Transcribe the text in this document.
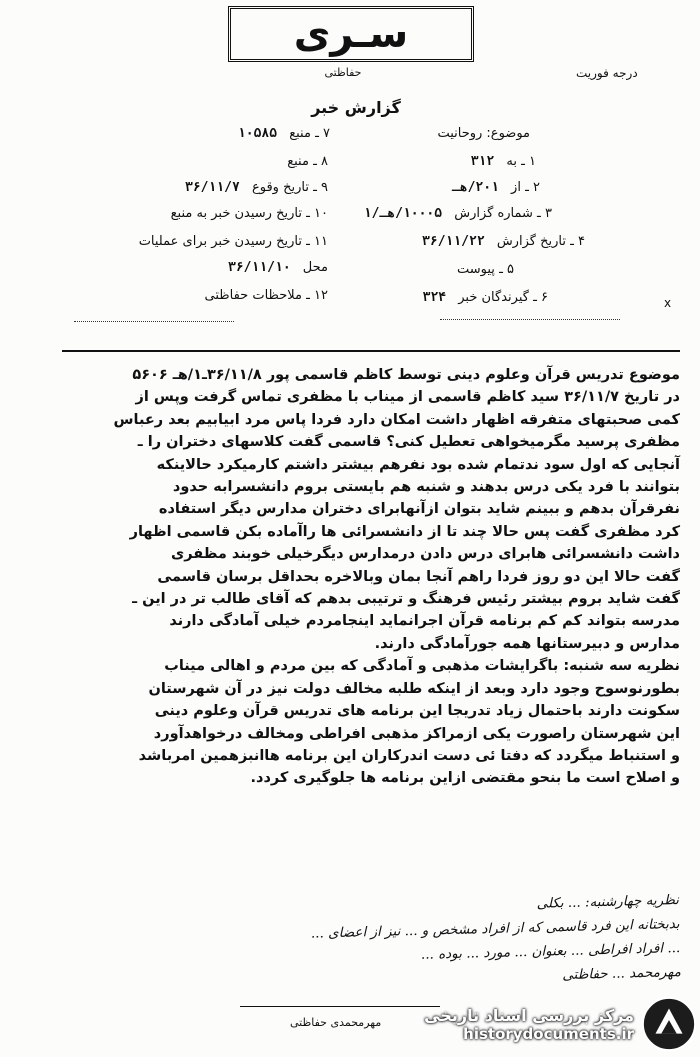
سـری
حفاظتی	درجه فوریت
گزارش خبر
موضوع: روحانیت
۱ ـ به ۳۱۲
۲ ـ از ۲۰۱/هـ
۳ ـ شماره گزارش ۱۰۰۰۵/هـ/۱
۴ ـ تاریخ گزارش ۳۶/۱۱/۲۲
۵ ـ پیوست
۶ ـ گیرندگان خبر ۳۲۴	x
۷ ـ منبع ۱۰۵۸۵
۸ ـ منبع
۹ ـ تاریخ وقوع ۳۶/۱۱/۷
۱۰ ـ تاریخ رسیدن خبر به منبع
۱۱ ـ تاریخ رسیدن خبر برای عملیات
محل ۳۶/۱۱/۱۰
۱۲ ـ ملاحظات حفاظتی

موضوع تدریس قرآن وعلوم دینی توسط کاظم قاسمی پور ۳۶/۱۱/۸ـ۱/هـ ۵۶۰۶

در تاریخ ۳۶/۱۱/۷ سید کاظم قاسمی از میناب با مظفری تماس گرفت وپس از

کمی صحبتهای متفرقه اظهار داشت امکان دارد فردا پاس مرد ابیابیم بعد رعباس

مظفری پرسید مگرمیخواهی تعطیل کنی؟ قاسمی گفت کلاسهای دختران را ـ

آنجایی که اول سود ندتمام شده بود نفرهم بیشتر داشتم کارمیکرد حالاینکه

بتوانند با فرد یکی درس بدهند و شنبه هم بایستی بروم دانشسرابه حدود

نفرقرآن بدهم و ببینم شاید بتوان ازآنهابرای دختران مدارس دیگر استفاده

کرد مظفری گفت پس حالا چند تا از دانشسرائی ها راآماده بکن قاسمی اظهار

داشت دانشسرائی هابرای درس دادن درمدارس دیگرخیلی خوبند مظفری

گفت حالا این دو روز فردا راهم آنجا بمان وبالاخره بحداقل برسان قاسمی

گفت شاید بروم بیشتر رئیس فرهنگ و ترتیبی بدهم که آقای طالب تر در این ـ

مدرسه بتواند کم کم برنامه قرآن اجرانماید اینجامردم خیلی آمادگی دارند

مدارس و دبیرستانها همه جورآمادگی دارند.

نظریه سه شنبه: باگرایشات مذهبی و آمادگی که بین مردم و اهالی میناب

بطورنوسوح وجود دارد وبعد از اینکه طلبه مخالف دولت نیز در آن شهرستان

سکونت دارند باحتمال زیاد تدریجا این برنامه های تدریس قرآن وعلوم دینی

این شهرستان راصورت یکی ازمراکز مذهبی افراطی ومخالف درخواهدآورد

و استنباط میگردد که دفتا ئی دست اندرکاران این برنامه هاانبزهمین امرباشد

و اصلاح است ما بنحو مقتضی ازاین برنامه ها جلوگیری کردد.

نظریه چهارشنبه: ... بکلی

بدبختانه این فرد قاسمی که از افراد مشخص و ... نیز از اعضای ...

... افراد افراطی ... بعنوان ... مورد ... بوده ...

مهرمحمد ... حفاظتی

مهرمحمدی حفاظتی	مرکز بررسی اسناد تاریخی
historydocuments.ir
